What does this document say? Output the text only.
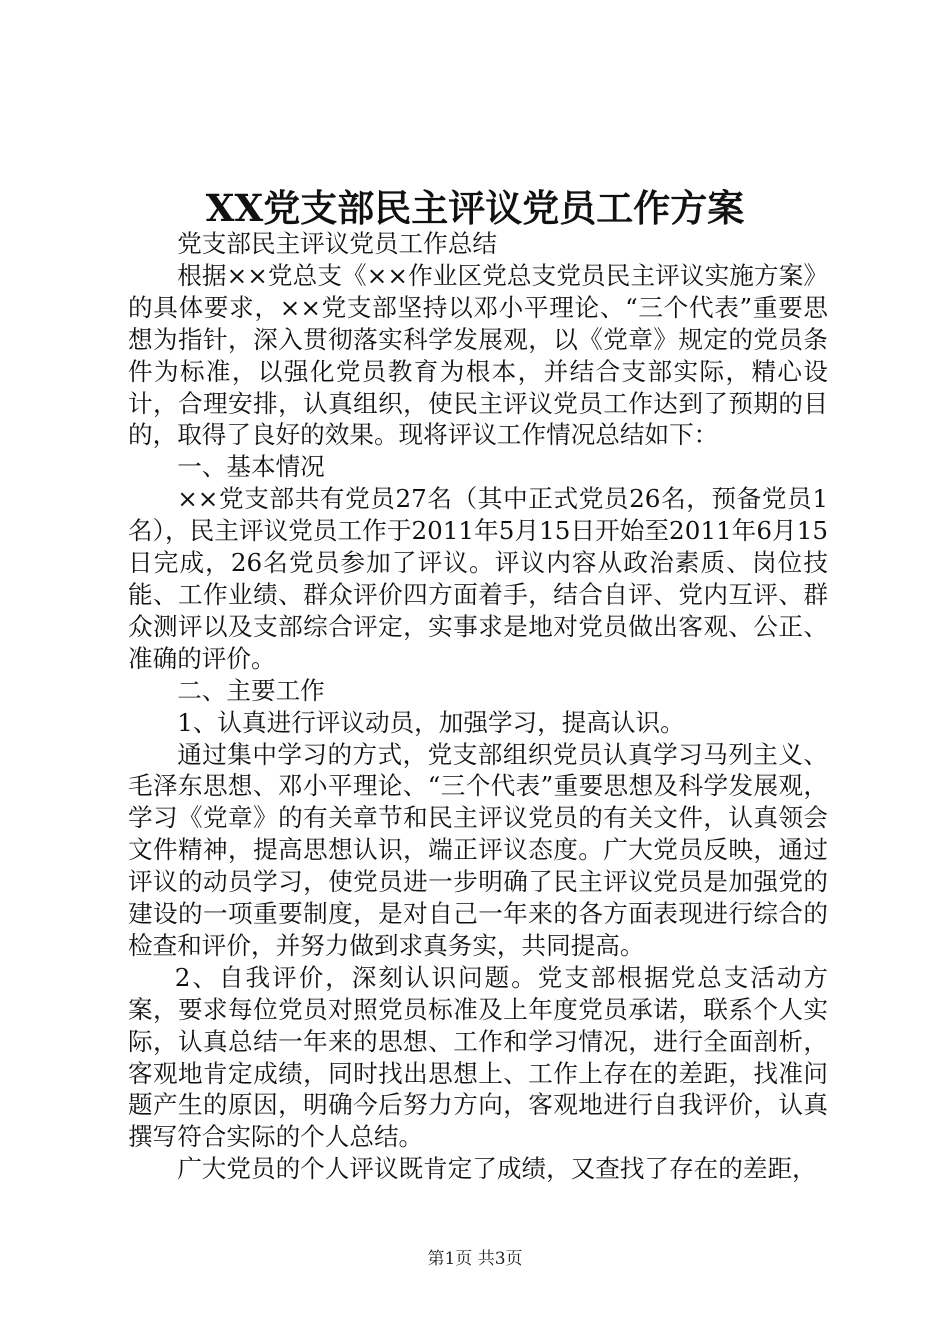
XX党支部民主评议党员工作方案

党支部民主评议党员工作总结

根据××党总支《××作业区党总支党员民主评议实施方案》的具体要求，××党支部坚持以邓小平理论、“三个代表”重要思想为指针，深入贯彻落实科学发展观，以《党章》规定的党员条件为标准，以强化党员教育为根本，并结合支部实际，精心设计，合理安排，认真组织，使民主评议党员工作达到了预期的目的，取得了良好的效果。现将评议工作情况总结如下：

一、基本情况

××党支部共有党员27名（其中正式党员26名，预备党员1名），民主评议党员工作于2011年5月15日开始至2011年6月15日完成，26名党员参加了评议。评议内容从政治素质、岗位技能、工作业绩、群众评价四方面着手，结合自评、党内互评、群众测评以及支部综合评定，实事求是地对党员做出客观、公正、准确的评价。

二、主要工作

1、认真进行评议动员，加强学习，提高认识。

通过集中学习的方式，党支部组织党员认真学习马列主义、毛泽东思想、邓小平理论、“三个代表”重要思想及科学发展观，学习《党章》的有关章节和民主评议党员的有关文件，认真领会文件精神，提高思想认识，端正评议态度。广大党员反映，通过评议的动员学习，使党员进一步明确了民主评议党员是加强党的建设的一项重要制度，是对自己一年来的各方面表现进行综合的检查和评价，并努力做到求真务实，共同提高。

2、自我评价，深刻认识问题。党支部根据党总支活动方案，要求每位党员对照党员标准及上年度党员承诺，联系个人实际，认真总结一年来的思想、工作和学习情况，进行全面剖析，客观地肯定成绩，同时找出思想上、工作上存在的差距，找准问题产生的原因，明确今后努力方向，客观地进行自我评价，认真撰写符合实际的个人总结。

广大党员的个人评议既肯定了成绩，又查找了存在的差距，

第1页 共3页
